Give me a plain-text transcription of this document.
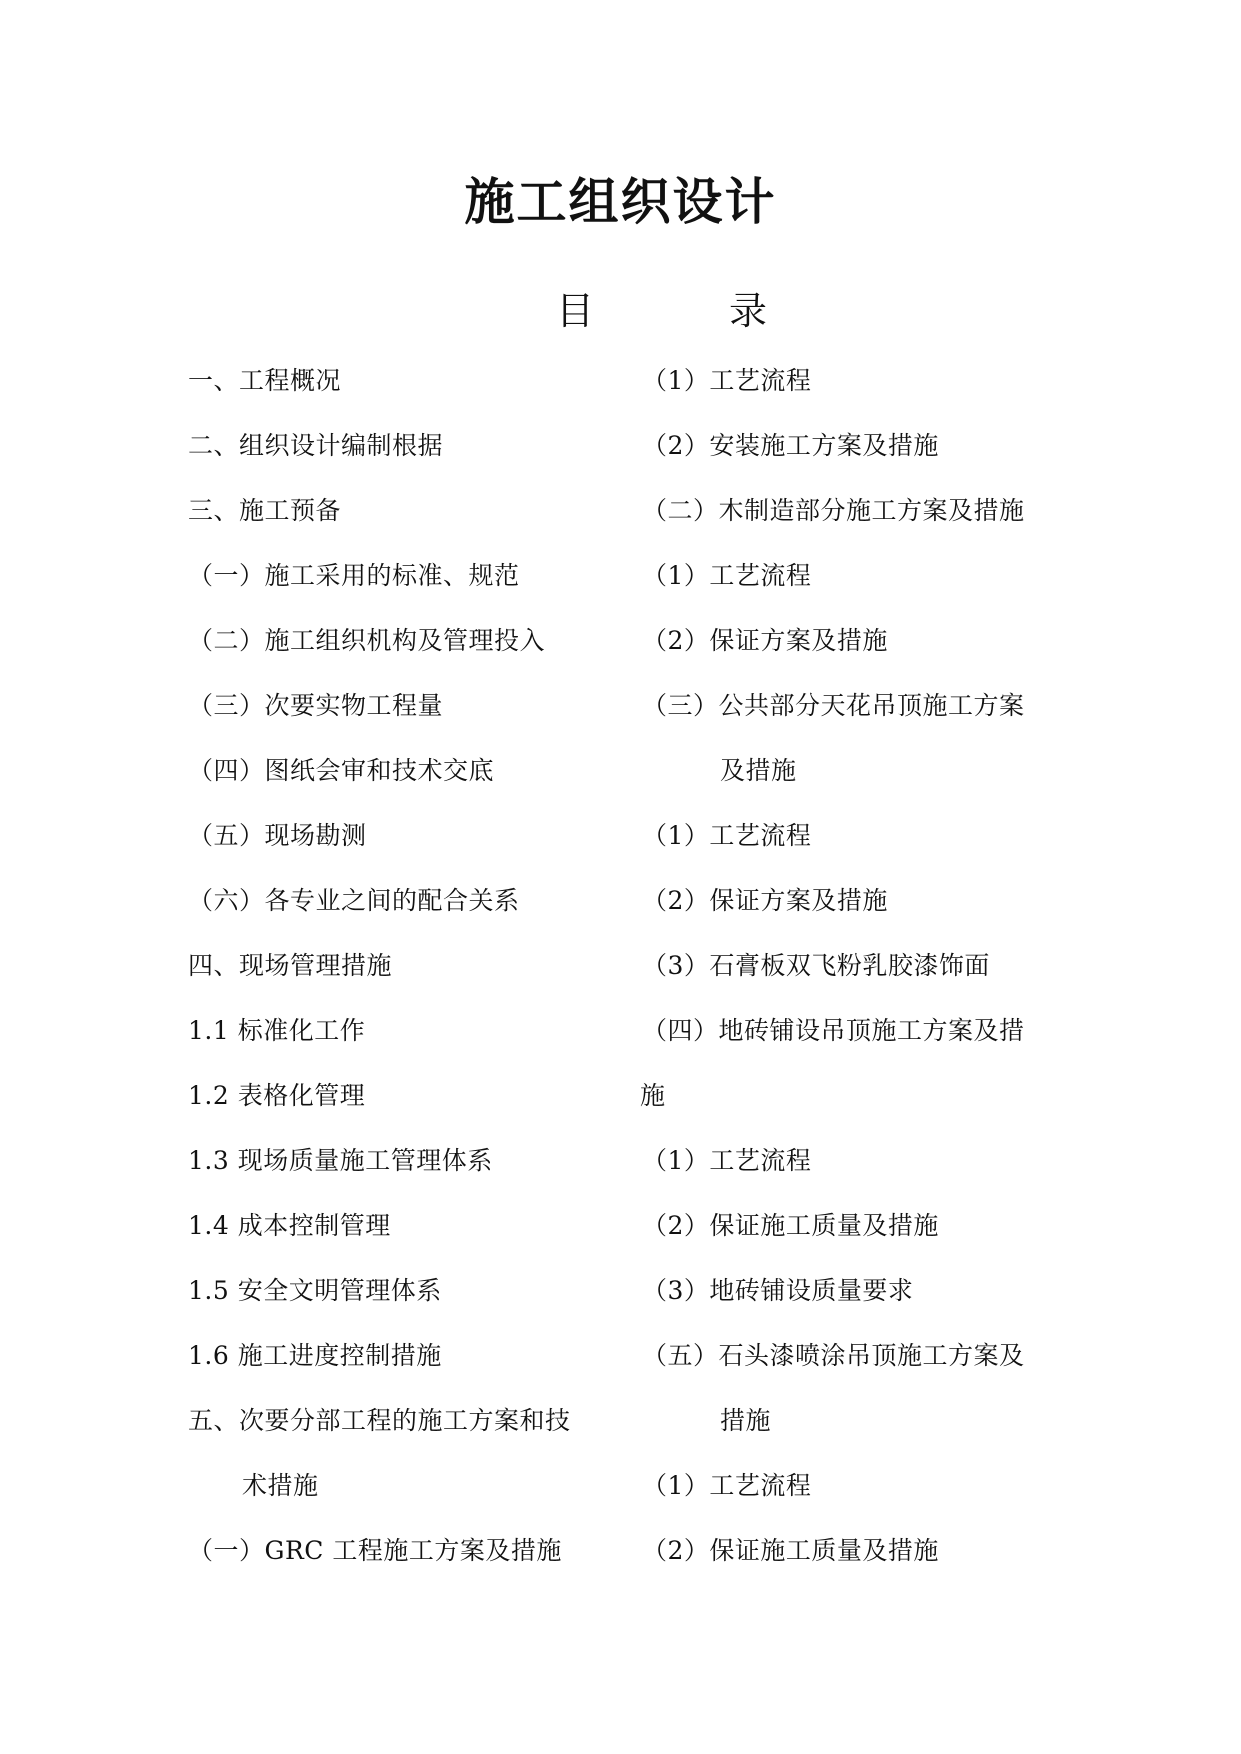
施工组织设计
目	录
一、工程概况
二、组织设计编制根据
三、施工预备
（一）施工采用的标准、规范
（二）施工组织机构及管理投入
（三）次要实物工程量
（四）图纸会审和技术交底
（五）现场勘测
（六）各专业之间的配合关系
四、现场管理措施
1.1 标准化工作
1.2 表格化管理
1.3 现场质量施工管理体系
1.4 成本控制管理
1.5 安全文明管理体系
1.6 施工进度控制措施
五、次要分部工程的施工方案和技
术措施
（一）GRC 工程施工方案及措施
（1）工艺流程
（2）安装施工方案及措施
（二）木制造部分施工方案及措施
（1）工艺流程
（2）保证方案及措施
（三）公共部分天花吊顶施工方案
及措施
（1）工艺流程
（2）保证方案及措施
（3）石膏板双飞粉乳胶漆饰面
（四）地砖铺设吊顶施工方案及措
施
（1）工艺流程
（2）保证施工质量及措施
（3）地砖铺设质量要求
（五）石头漆喷涂吊顶施工方案及
措施
（1）工艺流程
（2）保证施工质量及措施
